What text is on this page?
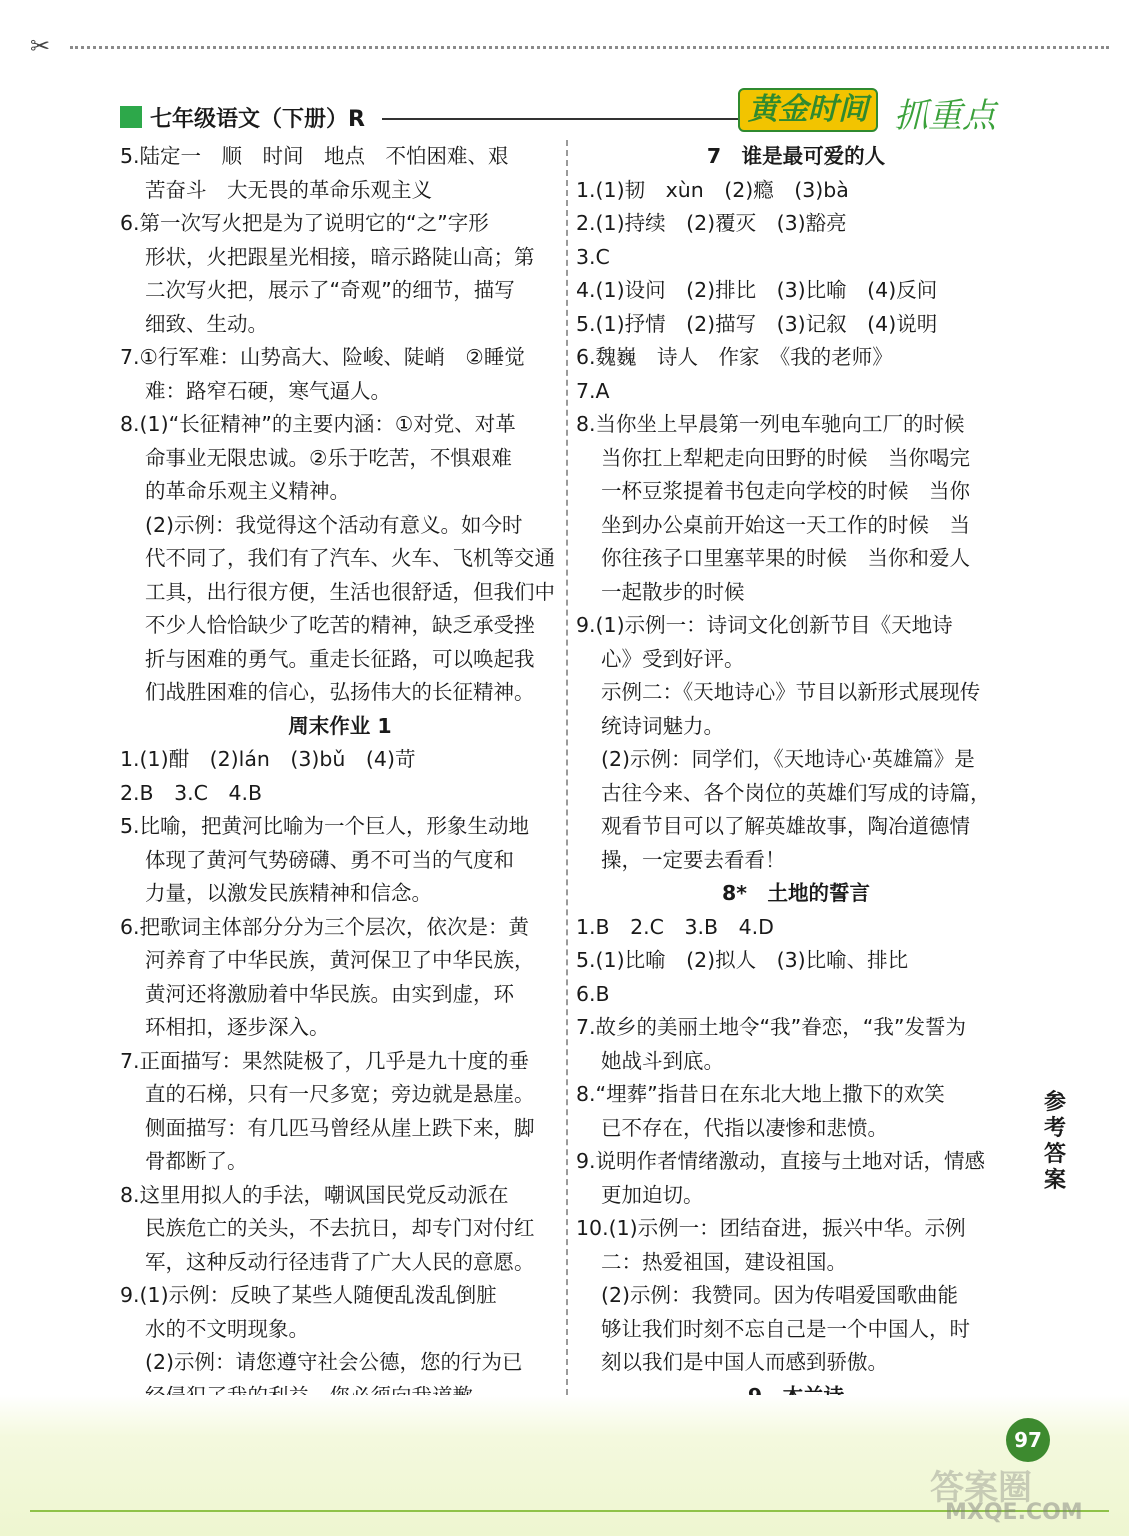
✂
七年级语文（下册）R	黄金时间 抓重点
5.陆定一　顺　时间　地点　不怕困难、艰
苦奋斗　大无畏的革命乐观主义
6.第一次写火把是为了说明它的“之”字形
形状，火把跟星光相接，暗示路陡山高；第
二次写火把，展示了“奇观”的细节，描写
细致、生动。
7.①行军难：山势高大、险峻、陡峭　②睡觉
难：路窄石硬，寒气逼人。
8.(1)“长征精神”的主要内涵：①对党、对革
命事业无限忠诚。②乐于吃苦，不惧艰难
的革命乐观主义精神。
(2)示例：我觉得这个活动有意义。如今时
代不同了，我们有了汽车、火车、飞机等交通
工具，出行很方便，生活也很舒适，但我们中
不少人恰恰缺少了吃苦的精神，缺乏承受挫
折与困难的勇气。重走长征路，可以唤起我
们战胜困难的信心，弘扬伟大的长征精神。
周末作业 1
1.(1)酣　(2)lán　(3)bǔ　(4)苛
2.B　3.C　4.B
5.比喻，把黄河比喻为一个巨人，形象生动地
体现了黄河气势磅礴、勇不可当的气度和
力量，以激发民族精神和信念。
6.把歌词主体部分分为三个层次，依次是：黄
河养育了中华民族，黄河保卫了中华民族，
黄河还将激励着中华民族。由实到虚，环
环相扣，逐步深入。
7.正面描写：果然陡极了，几乎是九十度的垂
直的石梯，只有一尺多宽；旁边就是悬崖。
侧面描写：有几匹马曾经从崖上跌下来，脚
骨都断了。
8.这里用拟人的手法，嘲讽国民党反动派在
民族危亡的关头，不去抗日，却专门对付红
军，这种反动行径违背了广大人民的意愿。
9.(1)示例：反映了某些人随便乱泼乱倒脏
水的不文明现象。
(2)示例：请您遵守社会公德，您的行为已
7　谁是最可爱的人
1.(1)韧　xùn　(2)瘾　(3)bà
2.(1)持续　(2)覆灭　(3)豁亮
3.C
4.(1)设问　(2)排比　(3)比喻　(4)反问
5.(1)抒情　(2)描写　(3)记叙　(4)说明
6.魏巍　诗人　作家　《我的老师》
7.A
8.当你坐上早晨第一列电车驰向工厂的时候
当你扛上犁耙走向田野的时候　当你喝完
一杯豆浆提着书包走向学校的时候　当你
坐到办公桌前开始这一天工作的时候　当
你往孩子口里塞苹果的时候　当你和爱人
一起散步的时候
9.(1)示例一：诗词文化创新节目《天地诗
心》受到好评。
示例二：《天地诗心》节目以新形式展现传
统诗词魅力。
(2)示例：同学们，《天地诗心·英雄篇》是
古往今来、各个岗位的英雄们写成的诗篇，
观看节目可以了解英雄故事，陶冶道德情
操，一定要去看看！
8*　土地的誓言
1.B　2.C　3.B　4.D
5.(1)比喻　(2)拟人　(3)比喻、排比
6.B
7.故乡的美丽土地令“我”眷恋，“我”发誓为
她战斗到底。
8.“埋葬”指昔日在东北大地上撒下的欢笑
已不存在，代指以凄惨和悲愤。
9.说明作者情绪激动，直接与土地对话，情感
更加迫切。
10.(1)示例一：团结奋进，振兴中华。示例
二：热爱祖国，建设祖国。
(2)示例：我赞同。因为传唱爱国歌曲能
够让我们时刻不忘自己是一个中国人，时
刻以我们是中国人而感到骄傲。
参考答案
97
答案圈
MXQE.COM
